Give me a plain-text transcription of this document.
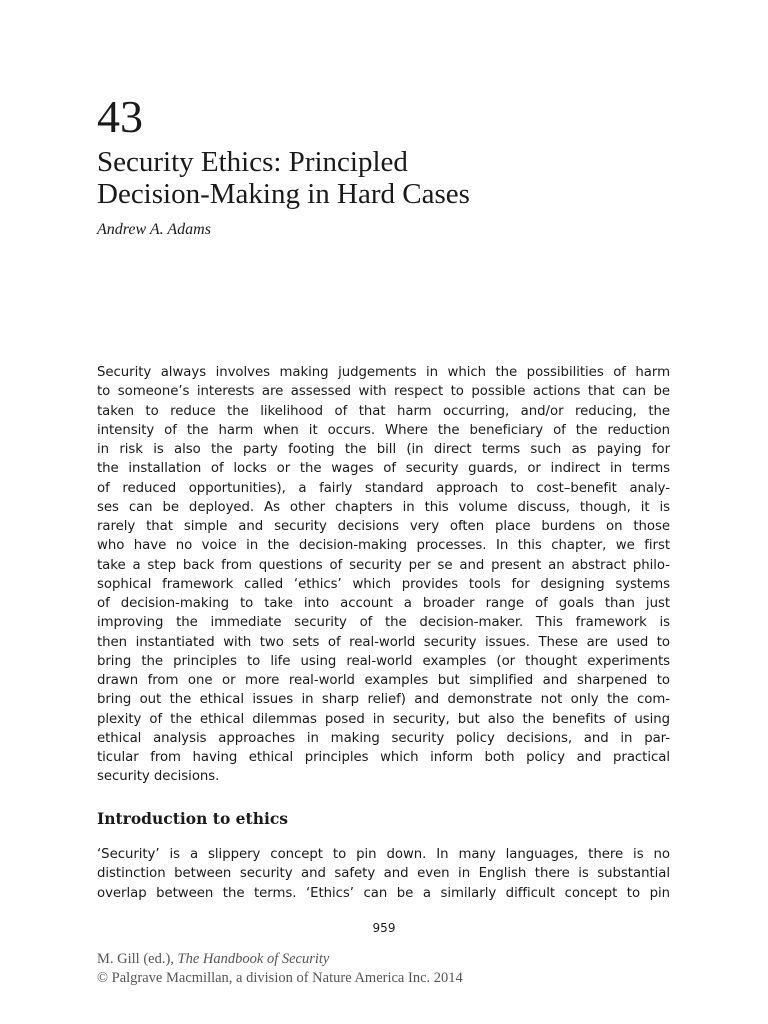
43
Security Ethics: Principled
Decision-Making in Hard Cases
Andrew A. Adams
Security always involves making judgements in which the possibilities of harm
to someone’s interests are assessed with respect to possible actions that can be
taken to reduce the likelihood of that harm occurring, and/or reducing, the
intensity of the harm when it occurs. Where the beneficiary of the reduction
in risk is also the party footing the bill (in direct terms such as paying for
the installation of locks or the wages of security guards, or indirect in terms
of reduced opportunities), a fairly standard approach to cost–benefit analy-
ses can be deployed. As other chapters in this volume discuss, though, it is
rarely that simple and security decisions very often place burdens on those
who have no voice in the decision-making processes. In this chapter, we first
take a step back from questions of security per se and present an abstract philo-
sophical framework called ‘ethics’ which provides tools for designing systems
of decision-making to take into account a broader range of goals than just
improving the immediate security of the decision-maker. This framework is
then instantiated with two sets of real-world security issues. These are used to
bring the principles to life using real-world examples (or thought experiments
drawn from one or more real-world examples but simplified and sharpened to
bring out the ethical issues in sharp relief) and demonstrate not only the com-
plexity of the ethical dilemmas posed in security, but also the benefits of using
ethical analysis approaches in making security policy decisions, and in par-
ticular from having ethical principles which inform both policy and practical
security decisions.
Introduction to ethics
‘Security’ is a slippery concept to pin down. In many languages, there is no
distinction between security and safety and even in English there is substantial
overlap between the terms. ‘Ethics’ can be a similarly difficult concept to pin
959
M. Gill (ed.), The Handbook of Security
© Palgrave Macmillan, a division of Nature America Inc. 2014
